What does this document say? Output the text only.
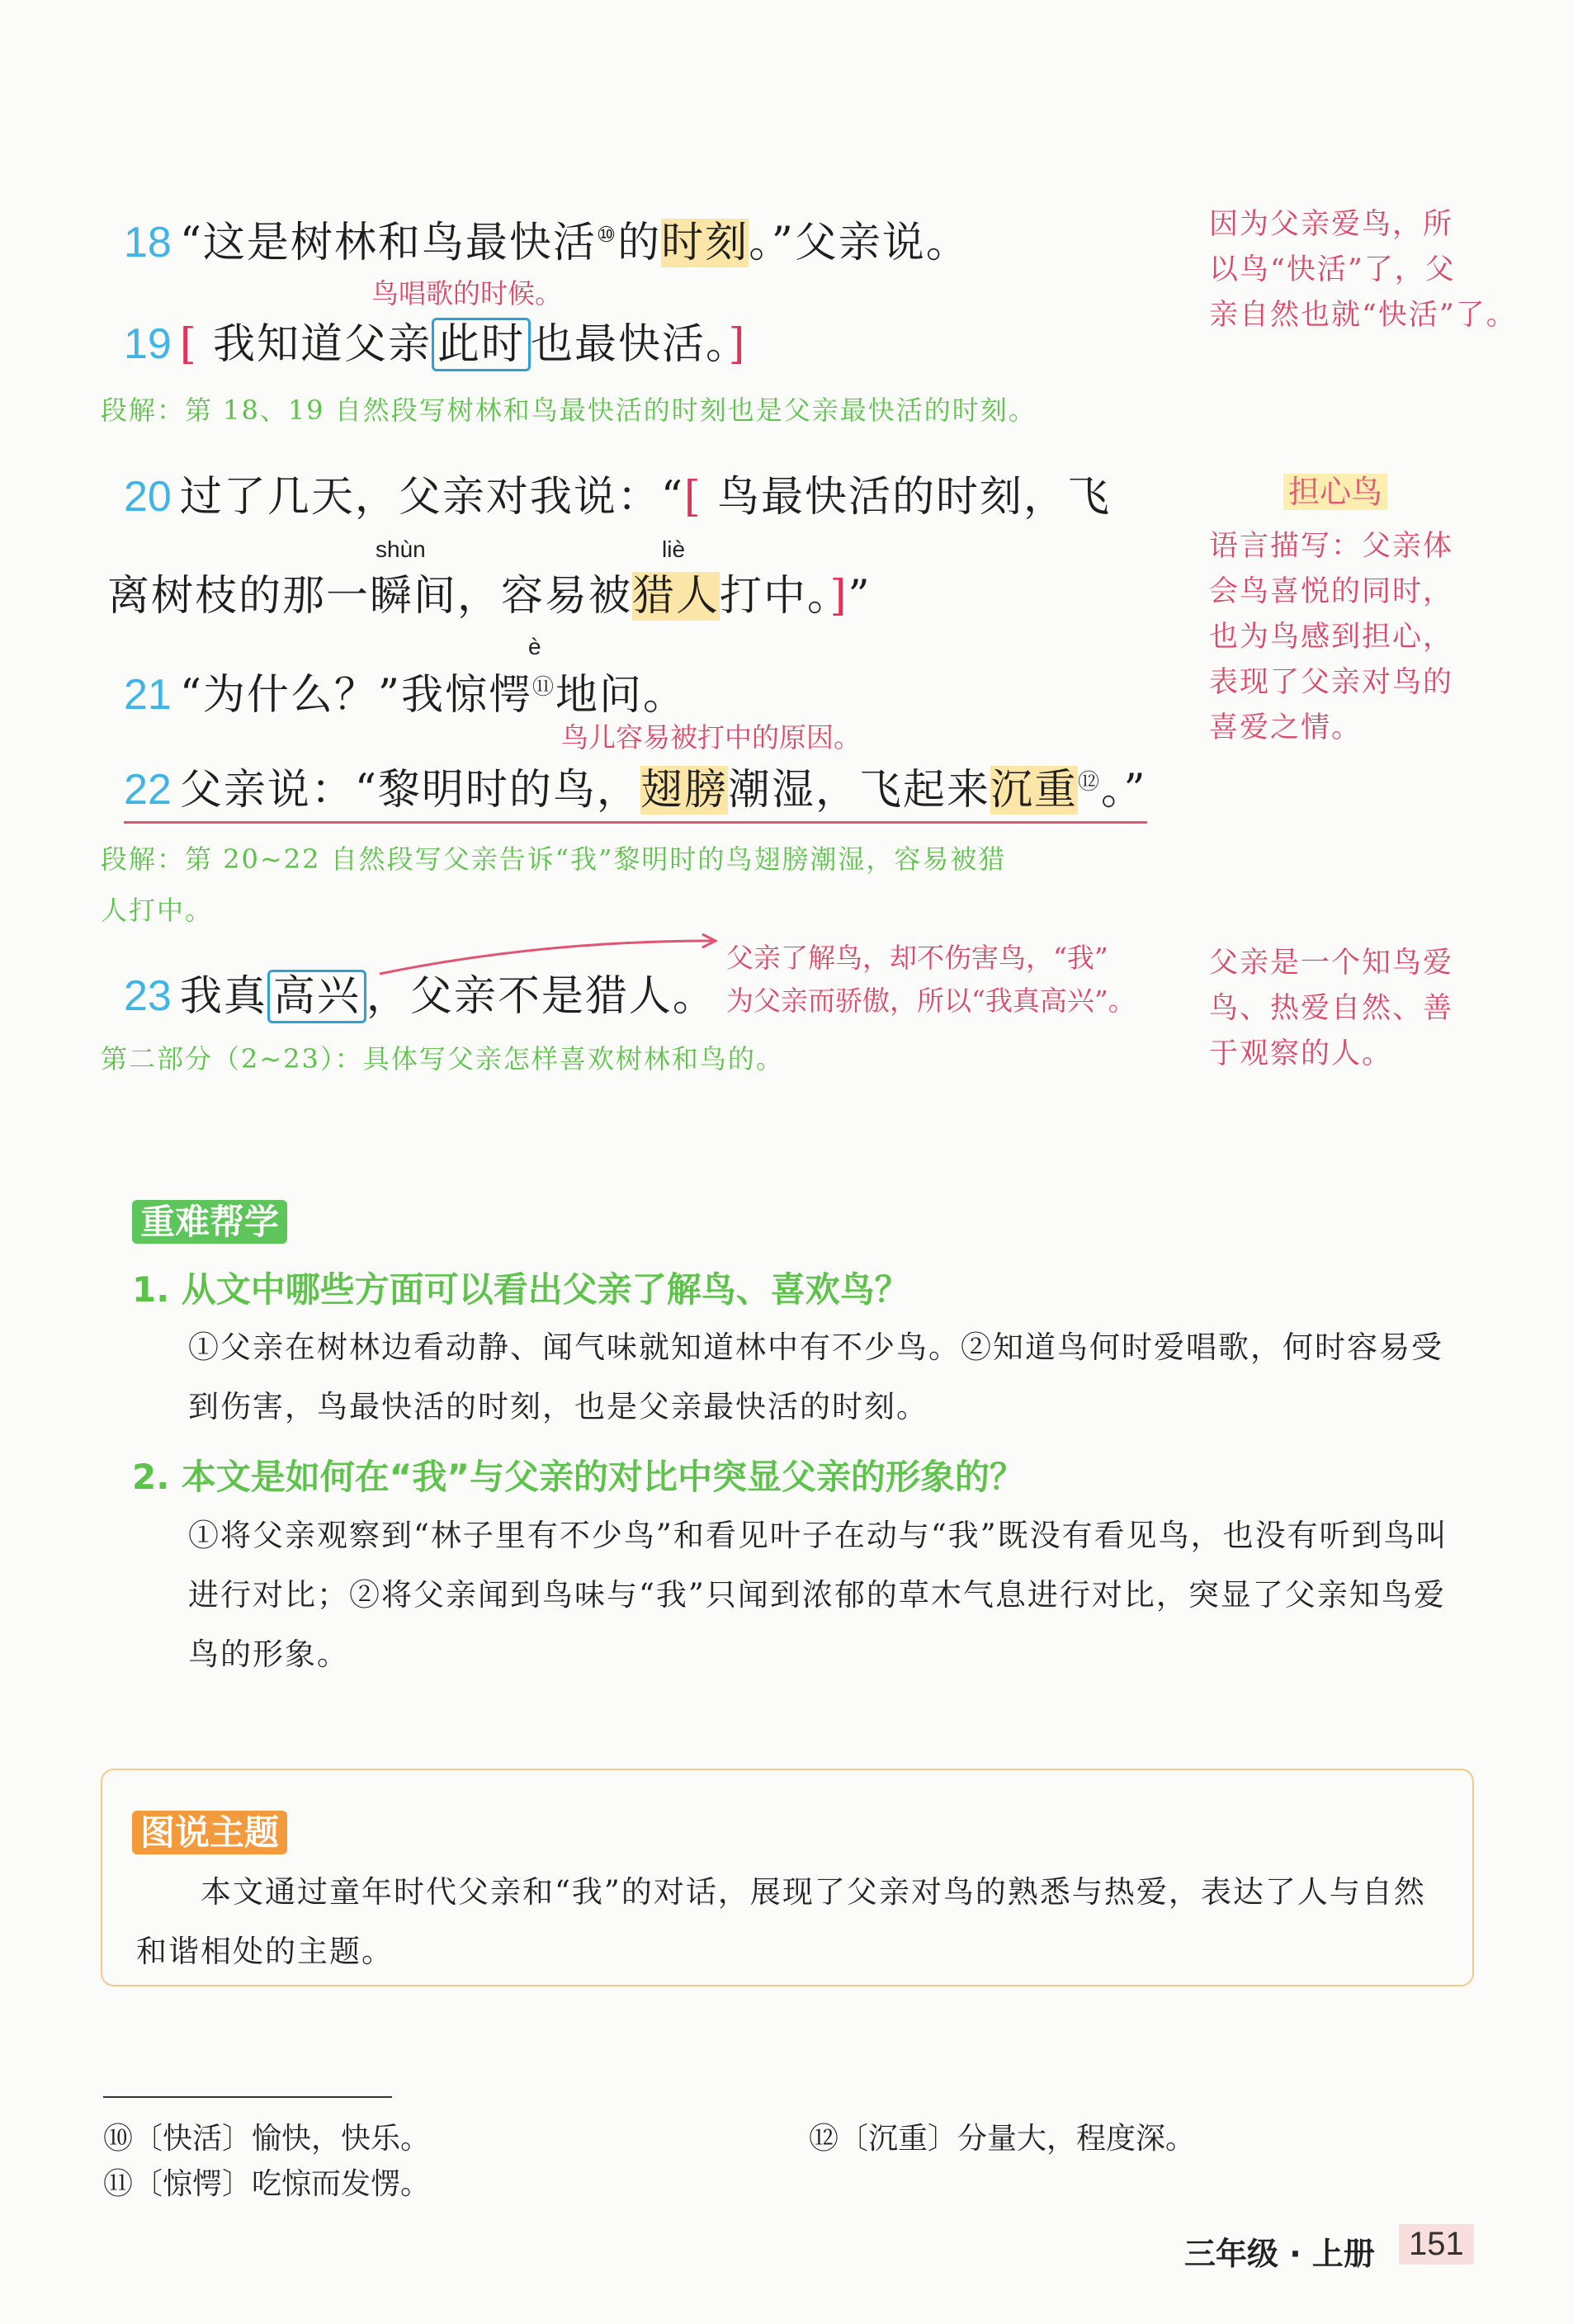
18 “这是树林和鸟最快活⑩的时刻。”父亲说。
鸟唱歌的时候。
19 [ 我知道父亲 此时 也最快活。]
因为父亲爱鸟，所
以鸟“快活”了，父
亲自然也就“快活”了。
段解：第 18、19 自然段写树林和鸟最快活的时刻也是父亲最快活的时刻。
shùn	liè
20 过了几天，父亲对我说：“[ 鸟最快活的时刻，飞
离树枝的那一瞬间，容易被猎人打中。]”
担心鸟
语言描写：父亲体
会鸟喜悦的同时，
也为鸟感到担心，
表现了父亲对鸟的
喜爱之情。
è
21 “为什么？”我惊愕⑪地问。
鸟儿容易被打中的原因。
22 父亲说：“黎明时的鸟，翅膀潮湿，飞起来沉重⑫。”
段解：第 20~22 自然段写父亲告诉“我”黎明时的鸟翅膀潮湿，容易被猎
人打中。
23 我真 高兴 ，父亲不是猎人。
父亲了解鸟，却不伤害鸟，“我”
为父亲而骄傲，所以“我真高兴”。
父亲是一个知鸟爱
鸟、热爱自然、善
于观察的人。
第二部分（2~23）：具体写父亲怎样喜欢树林和鸟的。
重难帮学
1. 从文中哪些方面可以看出父亲了解鸟、喜欢鸟？
①父亲在树林边看动静、闻气味就知道林中有不少鸟。②知道鸟何时爱唱歌，何时容易受到伤害，鸟最快活的时刻，也是父亲最快活的时刻。
2. 本文是如何在“我”与父亲的对比中突显父亲的形象的？
①将父亲观察到“林子里有不少鸟”和看见叶子在动与“我”既没有看见鸟，也没有听到鸟叫进行对比；②将父亲闻到鸟味与“我”只闻到浓郁的草木气息进行对比，突显了父亲知鸟爱鸟的形象。
图说主题
本文通过童年时代父亲和“我”的对话，展现了父亲对鸟的熟悉与热爱，表达了人与自然和谐相处的主题。
⑩〔快活〕愉快，快乐。
⑪〔惊愕〕吃惊而发愣。
⑫〔沉重〕分量大，程度深。
三年级 · 上册	151
